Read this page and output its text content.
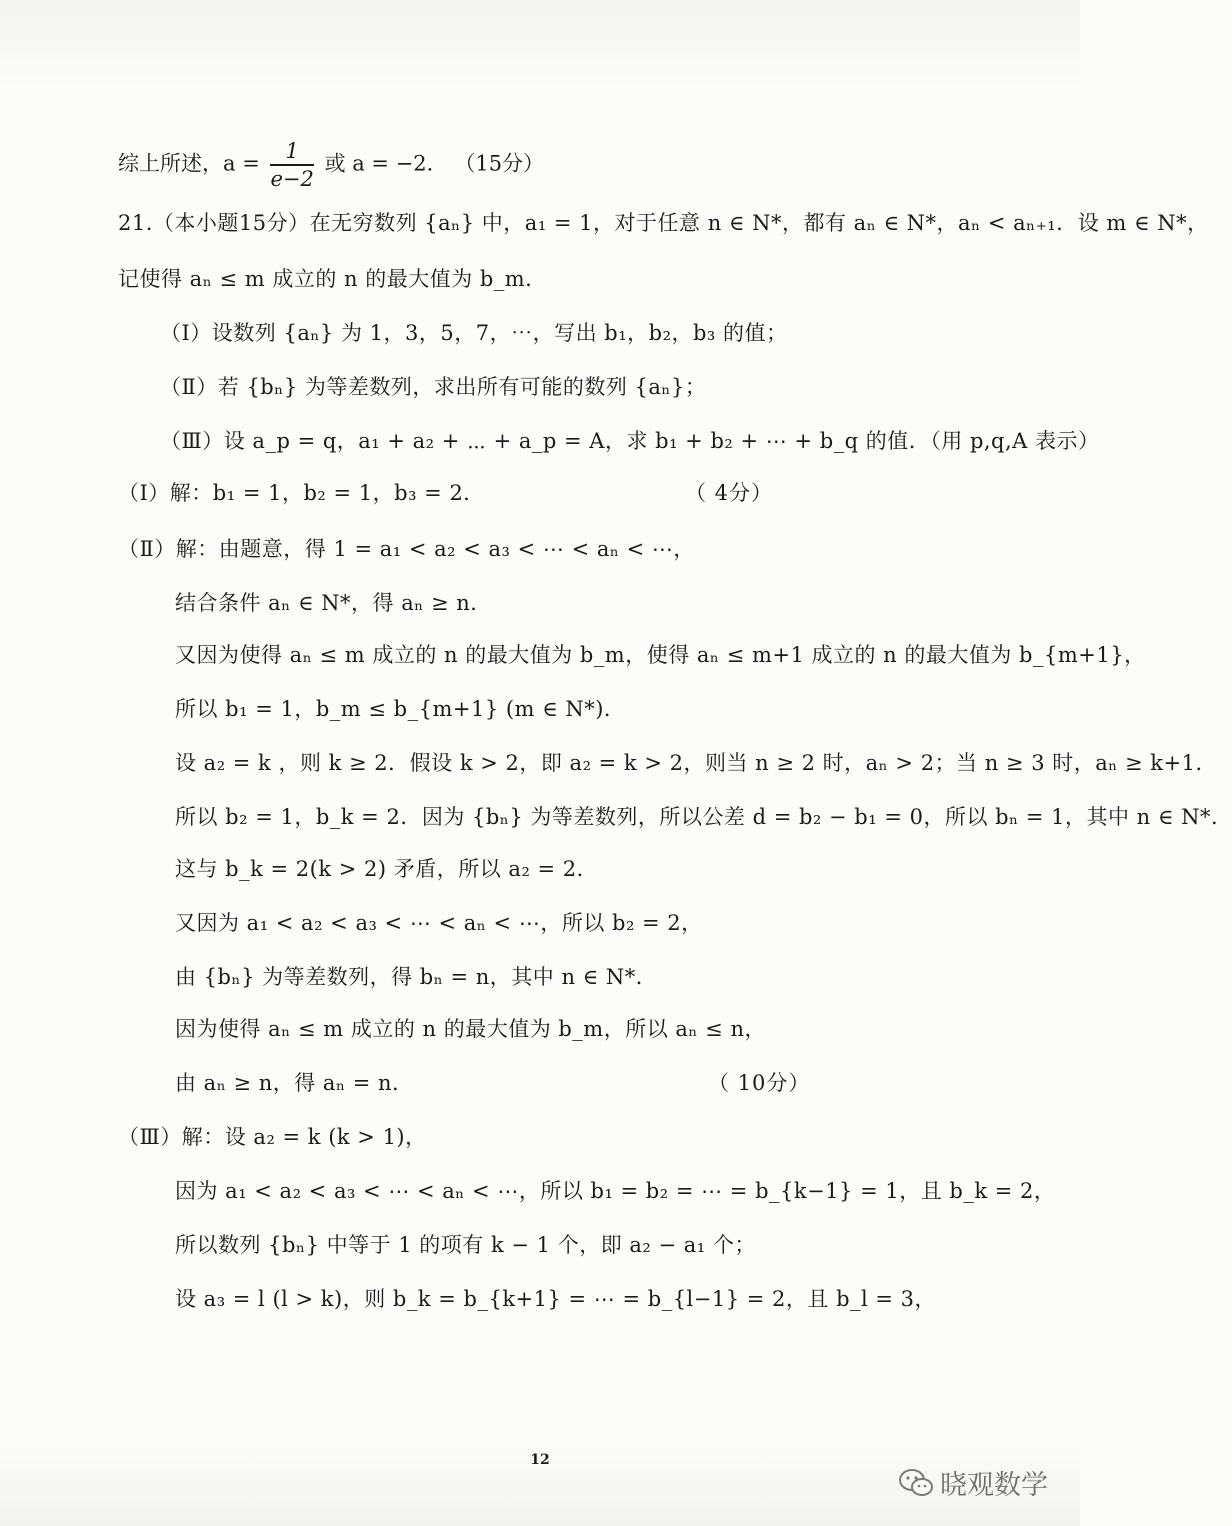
综上所述，$a = \frac{1}{e-2}$ 或 a = −2． （15分）
21.（本小题15分）在无穷数列 {aₙ} 中，a₁ = 1，对于任意 n ∈ N*，都有 aₙ ∈ N*，aₙ < aₙ₊₁．设 m ∈ N*，
记使得 aₙ ≤ m 成立的 n 的最大值为 b_m．
（Ⅰ）设数列 {aₙ} 为 1，3，5，7，⋯，写出 b₁，b₂，b₃ 的值；
（Ⅱ）若 {bₙ} 为等差数列，求出所有可能的数列 {aₙ}；
（Ⅲ）设 a_p = q，a₁ + a₂ + ⋯ + a_p = A，求 b₁ + b₂ + ⋯ + b_q 的值．（用 p,q,A 表示）
（Ⅰ）解：b₁ = 1，b₂ = 1，b₃ = 2．	（ 4分）
（Ⅱ）解：由题意，得 1 = a₁ < a₂ < a₃ < ⋯ < aₙ < ⋯，
结合条件 aₙ ∈ N*，得 aₙ ≥ n．
又因为使得 aₙ ≤ m 成立的 n 的最大值为 b_m，使得 aₙ ≤ m+1 成立的 n 的最大值为 b_{m+1}，
所以 b₁ = 1，b_m ≤ b_{m+1} (m ∈ N*)．
设 a₂ = k ，则 k ≥ 2．假设 k > 2，即 a₂ = k > 2，则当 n ≥ 2 时，aₙ > 2；当 n ≥ 3 时，aₙ ≥ k+1．
所以 b₂ = 1，b_k = 2．因为 {bₙ} 为等差数列，所以公差 d = b₂ − b₁ = 0，所以 bₙ = 1，其中 n ∈ N*．
这与 b_k = 2(k > 2) 矛盾，所以 a₂ = 2．
又因为 a₁ < a₂ < a₃ < ⋯ < aₙ < ⋯，所以 b₂ = 2，
由 {bₙ} 为等差数列，得 bₙ = n，其中 n ∈ N*．
因为使得 aₙ ≤ m 成立的 n 的最大值为 b_m，所以 aₙ ≤ n，
由 aₙ ≥ n，得 aₙ = n．	（ 10分）
（Ⅲ）解：设 a₂ = k (k > 1)，
因为 a₁ < a₂ < a₃ < ⋯ < aₙ < ⋯，所以 b₁ = b₂ = ⋯ = b_{k−1} = 1，且 b_k = 2，
所以数列 {bₙ} 中等于 1 的项有 k − 1 个，即 a₂ − a₁ 个；
设 a₃ = l (l > k)，则 b_k = b_{k+1} = ⋯ = b_{l−1} = 2，且 b_l = 3，
12
晓观数学
